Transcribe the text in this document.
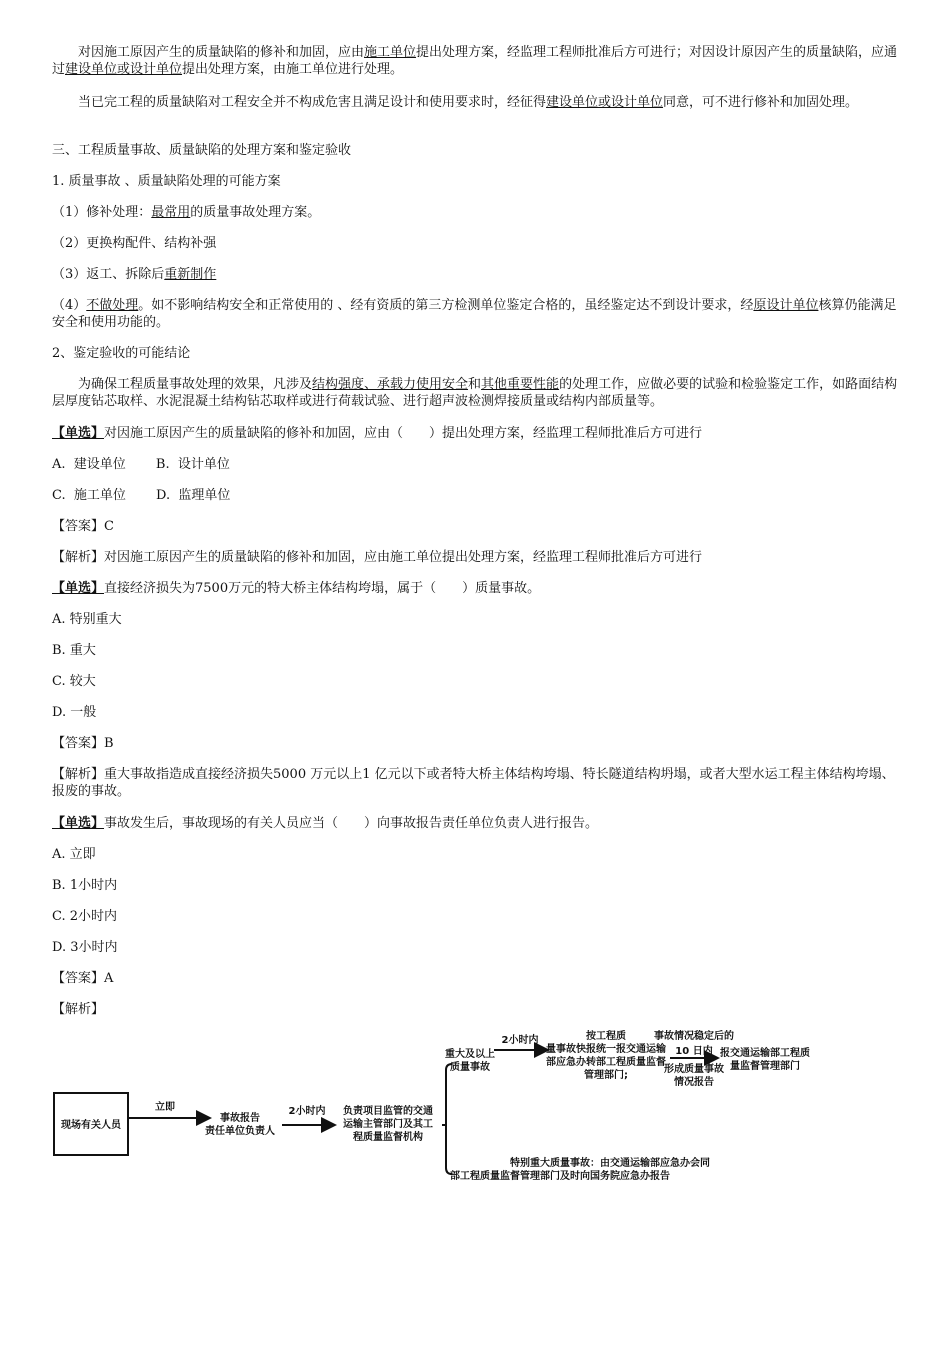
对因施工原因产生的质量缺陷的修补和加固，应由施工单位提出处理方案，经监理工程师批准后方可进行；对因设计原因产生的质量缺陷，应通过建设单位或设计单位提出处理方案，由施工单位进行处理。

当已完工程的质量缺陷对工程安全并不构成危害且满足设计和使用要求时，经征得建设单位或设计单位同意，可不进行修补和加固处理。

三、工程质量事故、质量缺陷的处理方案和鉴定验收

1. 质量事故 、质量缺陷处理的可能方案

（1）修补处理：最常用的质量事故处理方案。

（2）更换构配件、结构补强

（3）返工、拆除后重新制作

（4）不做处理。如不影响结构安全和正常使用的 、经有资质的第三方检测单位鉴定合格的，虽经鉴定达不到设计要求，经原设计单位核算仍能满足安全和使用功能的。

2、鉴定验收的可能结论

为确保工程质量事故处理的效果，凡涉及结构强度、承载力使用安全和其他重要性能的处理工作，应做必要的试验和检验鉴定工作，如路面结构层厚度钻芯取样、水泥混凝土结构钻芯取样或进行荷载试验、进行超声波检测焊接质量或结构内部质量等。

【单选】对因施工原因产生的质量缺陷的修补和加固，应由（　　）提出处理方案，经监理工程师批准后方可进行

A.  建设单位　　 B.  设计单位

C.  施工单位　　 D.  监理单位

【答案】C

【解析】对因施工原因产生的质量缺陷的修补和加固，应由施工单位提出处理方案，经监理工程师批准后方可进行

【单选】直接经济损失为7500万元的特大桥主体结构垮塌，属于（　　）质量事故。

A. 特别重大

B. 重大

C. 较大

D. 一般

【答案】B

【解析】重大事故指造成直接经济损失5000 万元以上1 亿元以下或者特大桥主体结构垮塌、特长隧道结构坍塌，或者大型水运工程主体结构垮塌、报废的事故。

【单选】事故发生后，事故现场的有关人员应当（　　）向事故报告责任单位负责人进行报告。

A. 立即

B. 1小时内

C. 2小时内

D. 3小时内

【答案】A

【解析】

现场有关人员
立即
事故报告
责任单位负责人
2小时内 负责项目监管的交通
运输主管部门及其工
程质量监督机构
重大及以上
质量事故
2小时内	按工程质
量事故快报统一报交通运输
部应急办转部工程质量监督
管理部门;
事故情况稳定后的
10 日内
形成质量事故
情况报告
报交通运输部工程质
量监督管理部门
特别重大质量事故：由交通运输部应急办会同
部工程质量监督管理部门及时向国务院应急办报告
